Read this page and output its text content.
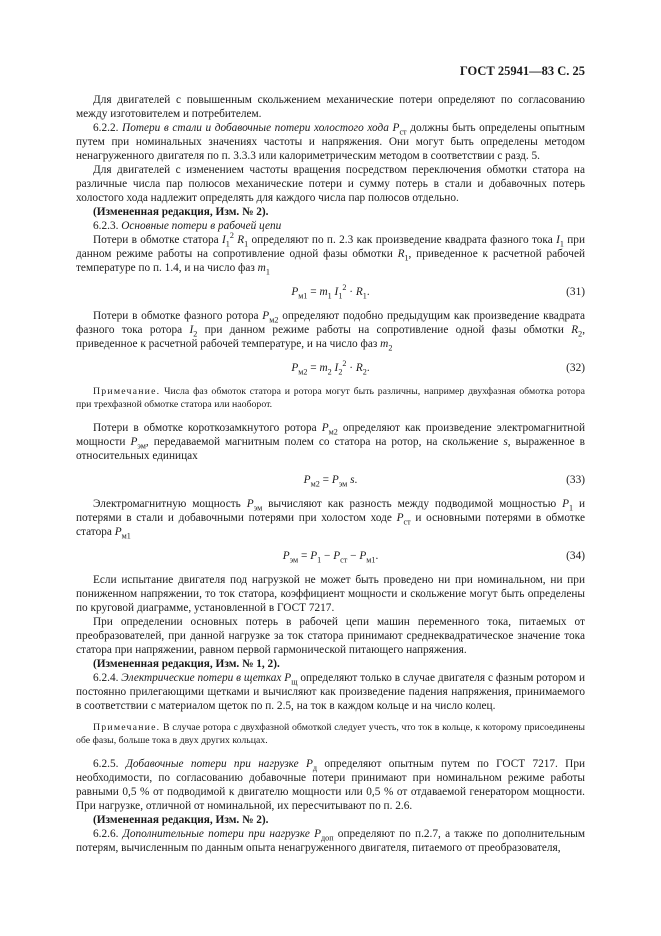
ГОСТ 25941—83 С. 25

Для двигателей с повышенным скольжением механические потери определяют по согласованию между изготовителем и потребителем.

6.2.2. Потери в стали и добавочные потери холостого хода $P_{ст}$ должны быть определены опытным путем при номинальных значениях частоты и напряжения. Они могут быть определены методом ненагруженного двигателя по п. 3.3.3 или калориметрическим методом в соответствии с разд. 5.

Для двигателей с изменением частоты вращения посредством переключения обмотки статора на различные числа пар полюсов механические потери и сумму потерь в стали и добавочных потерь холостого хода надлежит определять для каждого числа пар полюсов отдельно.

(Измененная редакция, Изм. № 2).

6.2.3. Основные потери в рабочей цепи

Потери в обмотке статора $I_1^2$ $R_1$ определяют по п. 2.3 как произведение квадрата фазного тока $I_1$ при данном режиме работы на сопротивление одной фазы обмотки $R_1$, приведенное к расчетной рабочей температуре по п. 1.4, и на число фаз $m_1$

$P_{м1} = m_1$ $I_1^2 \cdot R_1$.	(31)

Потери в обмотке фазного ротора $P_{м2}$ определяют подобно предыдущим как произведение квадрата фазного тока ротора $I_2$ при данном режиме работы на сопротивление одной фазы обмотки $R_2$, приведенное к расчетной рабочей температуре, и на число фаз $m_2$

$P_{м2} = m_2$ $I_2^2 \cdot R_2$.	(32)

Примечание. Числа фаз обмоток статора и ротора могут быть различны, например двухфазная обмотка ротора при трехфазной обмотке статора или наоборот.

Потери в обмотке короткозамкнутого ротора $P_{м2}$ определяют как произведение электромагнитной мощности $P_{эм}$, передаваемой магнитным полем со статора на ротор, на скольжение s, выраженное в относительных единицах

$P_{м2} = P_{эм}$ s.	(33)

Электромагнитную мощность $P_{эм}$ вычисляют как разность между подводимой мощностью $P_1$ и потерями в стали и добавочными потерями при холостом ходе $P_{ст}$ и основными потерями в обмотке статора $P_{м1}$

$P_{эм} = P_1 - P_{ст} - P_{м1}$.	(34)

Если испытание двигателя под нагрузкой не может быть проведено ни при номинальном, ни при пониженном напряжении, то ток статора, коэффициент мощности и скольжение могут быть определены по круговой диаграмме, установленной в ГОСТ 7217.

При определении основных потерь в рабочей цепи машин переменного тока, питаемых от преобразователей, при данной нагрузке за ток статора принимают среднеквадратическое значение тока статора при напряжении, равном первой гармонической питающего напряжения.

(Измененная редакция, Изм. № 1, 2).

6.2.4. Электрические потери в щетках $P_щ$ определяют только в случае двигателя с фазным ротором и постоянно прилегающими щетками и вычисляют как произведение падения напряжения, принимаемого в соответствии с материалом щеток по п. 2.5, на ток в каждом кольце и на число колец.

Примечание. В случае ротора с двухфазной обмоткой следует учесть, что ток в кольце, к которому присоединены обе фазы, больше тока в двух других кольцах.

6.2.5. Добавочные потери при нагрузке $P_д$ определяют опытным путем по ГОСТ 7217. При необходимости, по согласованию добавочные потери принимают при номинальном режиме работы равными 0,5 % от подводимой к двигателю мощности или 0,5 % от отдаваемой генератором мощности. При нагрузке, отличной от номинальной, их пересчитывают по п. 2.6.

(Измененная редакция, Изм. № 2).

6.2.6. Дополнительные потери при нагрузке $P_{доп}$ определяют по п.2.7, а также по дополнительным потерям, вычисленным по данным опыта ненагруженного двигателя, питаемого от преобразователя,
